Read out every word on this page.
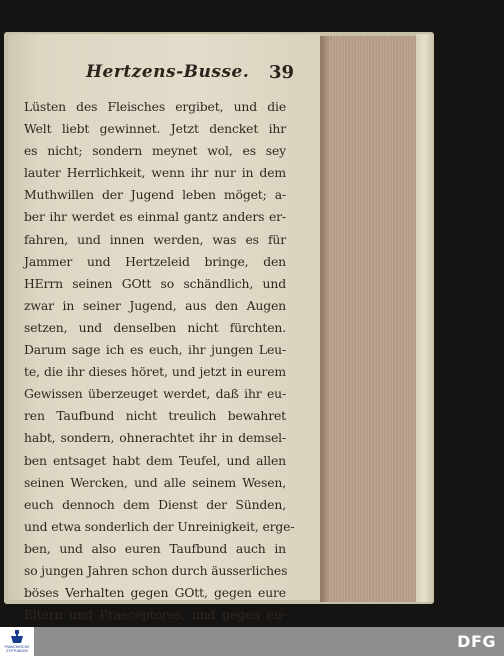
Hertzens-Busse. 39
Lüsten des Fleisches ergibet, und die
Welt liebt gewinnet. Jetzt dencket ihr
es nicht; sondern meynet wol, es sey
lauter Herrlichkeit, wenn ihr nur in dem
Muthwillen der Jugend leben möget; a-
ber ihr werdet es einmal gantz anders er-
fahren, und innen werden, was es für
Jammer und Hertzeleid bringe, den
HErrn seinen GOtt so schändlich, und
zwar in seiner Jugend, aus den Augen
setzen, und denselben nicht fürchten.
Darum sage ich es euch, ihr jungen Leu-
te, die ihr dieses höret, und jetzt in eurem
Gewissen überzeuget werdet, daß ihr eu-
ren Taufbund nicht treulich bewahret
habt, sondern, ohnerachtet ihr in demsel-
ben entsaget habt dem Teufel, und allen
seinen Wercken, und alle seinem Wesen,
euch dennoch dem Dienst der Sünden,
und etwa sonderlich der Unreinigkeit, erge-
ben, und also euren Taufbund auch in
so jungen Jahren schon durch äusserliches
böses Verhalten gegen GOtt, gegen eure
Eltern und Praeceptores, und gegen eu-
FRANCKESCHE STIFTUNGEN	DFG
